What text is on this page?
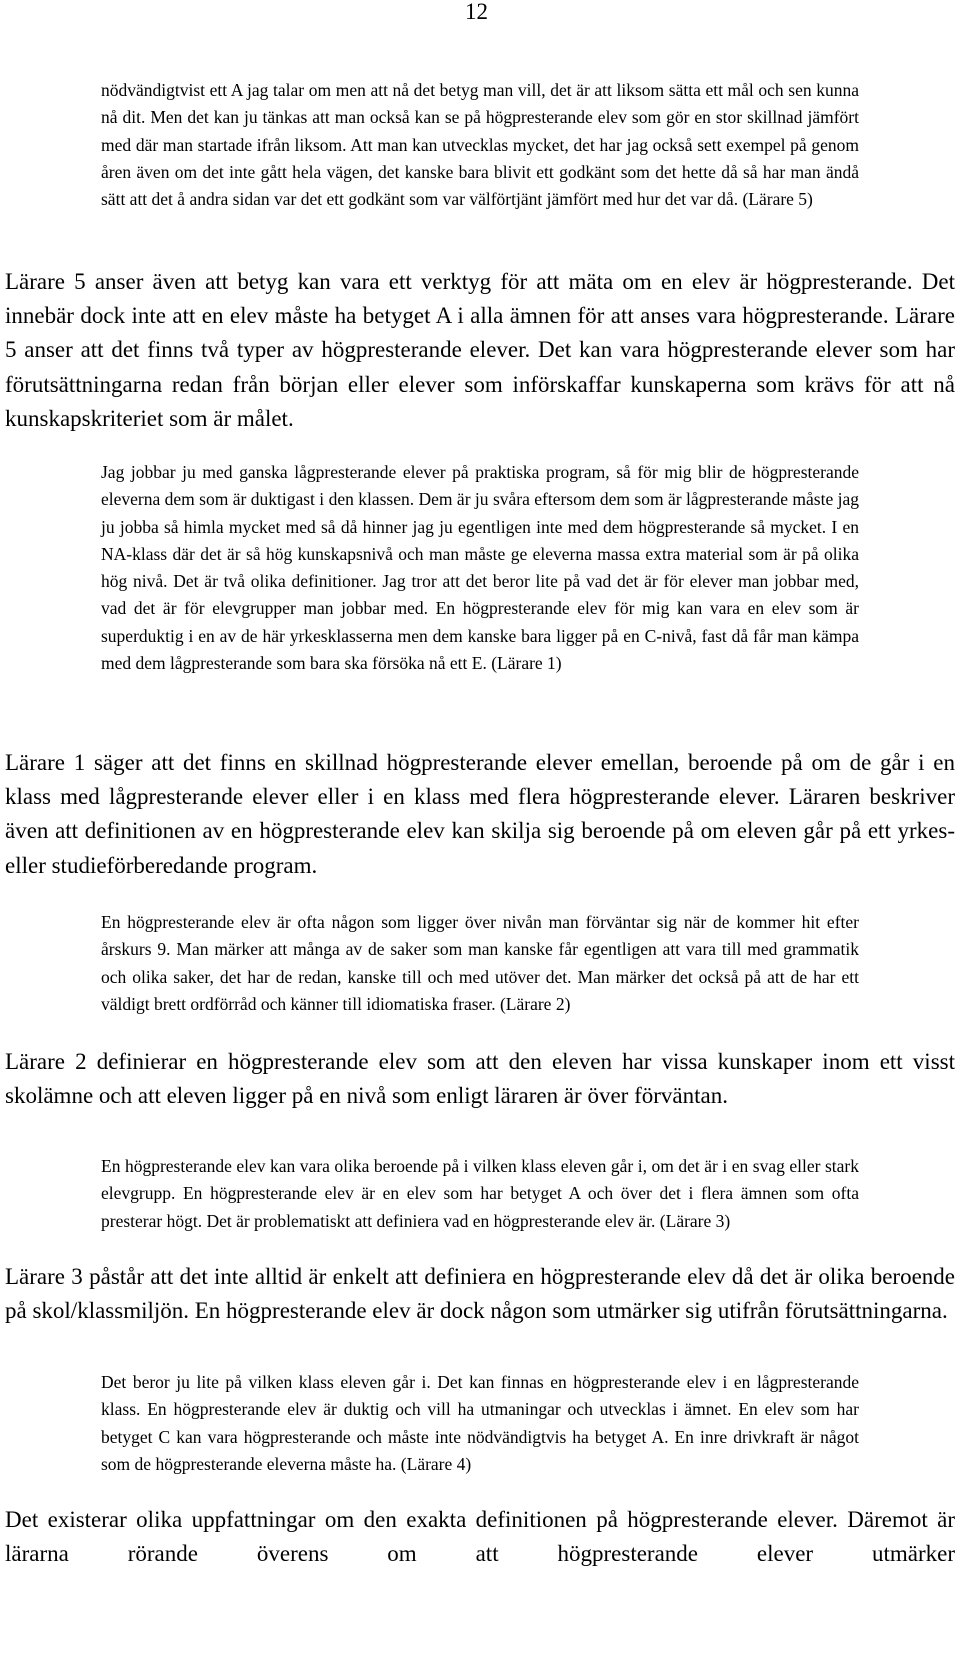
12

nödvändigtvist ett A jag talar om men att nå det betyg man vill, det är att liksom sätta ett mål och sen kunna nå dit. Men det kan ju tänkas att man också kan se på högpresterande elev som gör en stor skillnad jämfört med där man startade ifrån liksom. Att man kan utvecklas mycket, det har jag också sett exempel på genom åren även om det inte gått hela vägen, det kanske bara blivit ett godkänt som det hette då så har man ändå sätt att det å andra sidan var det ett godkänt som var välförtjänt jämfört med hur det var då. (Lärare 5)

Lärare 5 anser även att betyg kan vara ett verktyg för att mäta om en elev är högpresterande. Det innebär dock inte att en elev måste ha betyget A i alla ämnen för att anses vara högpresterande. Lärare 5 anser att det finns två typer av högpresterande elever. Det kan vara högpresterande elever som har förutsättningarna redan från början eller elever som införskaffar kunskaperna som krävs för att nå kunskapskriteriet som är målet.

Jag jobbar ju med ganska lågpresterande elever på praktiska program, så för mig blir de högpresterande eleverna dem som är duktigast i den klassen. Dem är ju svåra eftersom dem som är lågpresterande måste jag ju jobba så himla mycket med så då hinner jag ju egentligen inte med dem högpresterande så mycket. I en NA-klass där det är så hög kunskapsnivå och man måste ge eleverna massa extra material som är på olika hög nivå. Det är två olika definitioner. Jag tror att det beror lite på vad det är för elever man jobbar med, vad det är för elevgrupper man jobbar med. En högpresterande elev för mig kan vara en elev som är superduktig i en av de här yrkesklasserna men dem kanske bara ligger på en C-nivå, fast då får man kämpa med dem lågpresterande som bara ska försöka nå ett E. (Lärare 1)

Lärare 1 säger att det finns en skillnad högpresterande elever emellan, beroende på om de går i en klass med lågpresterande elever eller i en klass med flera högpresterande elever. Läraren beskriver även att definitionen av en högpresterande elev kan skilja sig beroende på om eleven går på ett yrkes- eller studieförberedande program.

En högpresterande elev är ofta någon som ligger över nivån man förväntar sig när de kommer hit efter årskurs 9. Man märker att många av de saker som man kanske får egentligen att vara till med grammatik och olika saker, det har de redan, kanske till och med utöver det. Man märker det också på att de har ett väldigt brett ordförråd och känner till idiomatiska fraser. (Lärare 2)

Lärare 2 definierar en högpresterande elev som att den eleven har vissa kunskaper inom ett visst skolämne och att eleven ligger på en nivå som enligt läraren är över förväntan.

En högpresterande elev kan vara olika beroende på i vilken klass eleven går i, om det är i en svag eller stark elevgrupp. En högpresterande elev är en elev som har betyget A och över det i flera ämnen som ofta presterar högt. Det är problematiskt att definiera vad en högpresterande elev är. (Lärare 3)

Lärare 3 påstår att det inte alltid är enkelt att definiera en högpresterande elev då det är olika beroende på skol/klassmiljön. En högpresterande elev är dock någon som utmärker sig utifrån förutsättningarna.

Det beror ju lite på vilken klass eleven går i. Det kan finnas en högpresterande elev i en lågpresterande klass. En högpresterande elev är duktig och vill ha utmaningar och utvecklas i ämnet. En elev som har betyget C kan vara högpresterande och måste inte nödvändigtvis ha betyget A. En inre drivkraft är något som de högpresterande eleverna måste ha. (Lärare 4)

Det existerar olika uppfattningar om den exakta definitionen på högpresterande elever. Däremot är lärarna rörande överens om att högpresterande elever utmärker
